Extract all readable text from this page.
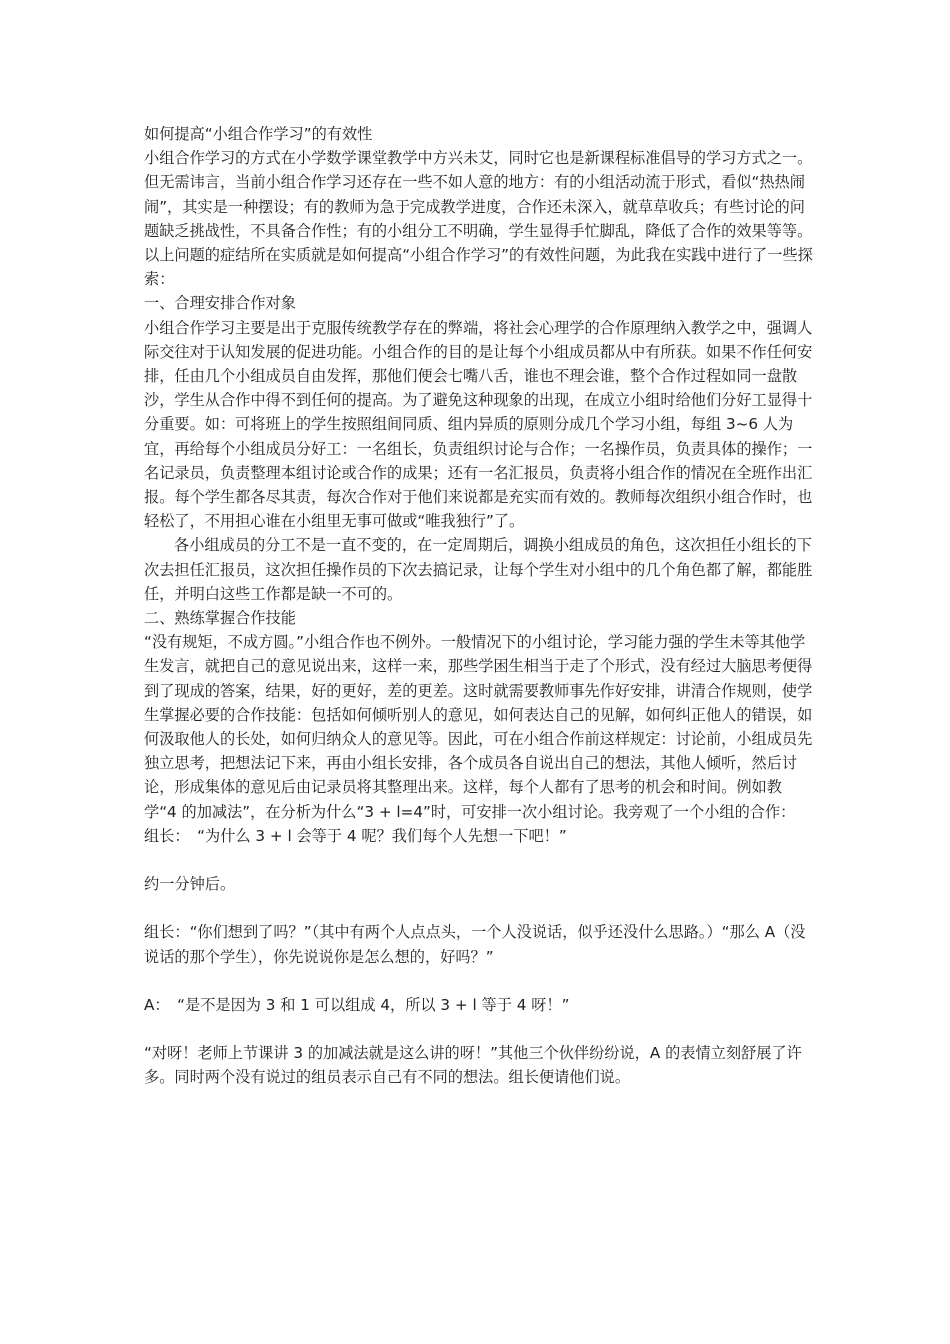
如何提高“小组合作学习”的有效性

小组合作学习的方式在小学数学课堂教学中方兴未艾，同时它也是新课程标准倡导的学习方式之一。但无需讳言，当前小组合作学习还存在一些不如人意的地方：有的小组活动流于形式，看似“热热闹闹”，其实是一种摆设；有的教师为急于完成教学进度，合作还未深入，就草草收兵；有些讨论的问题缺乏挑战性，不具备合作性；有的小组分工不明确，学生显得手忙脚乱，降低了合作的效果等等。

以上问题的症结所在实质就是如何提高“小组合作学习”的有效性问题，为此我在实践中进行了一些探索：

一、合理安排合作对象

小组合作学习主要是出于克服传统教学存在的弊端，将社会心理学的合作原理纳入教学之中，强调人际交往对于认知发展的促进功能。小组合作的目的是让每个小组成员都从中有所获。如果不作任何安排，任由几个小组成员自由发挥，那他们便会七嘴八舌，谁也不理会谁，整个合作过程如同一盘散沙，学生从合作中得不到任何的提高。为了避免这种现象的出现，在成立小组时给他们分好工显得十分重要。如：可将班上的学生按照组间同质、组内异质的原则分成几个学习小组，每组 3~6 人为宜，再给每个小组成员分好工：一名组长，负责组织讨论与合作；一名操作员，负责具体的操作；一名记录员，负责整理本组讨论或合作的成果；还有一名汇报员，负责将小组合作的情况在全班作出汇报。每个学生都各尽其责，每次合作对于他们来说都是充实而有效的。教师每次组织小组合作时，也轻松了，不用担心谁在小组里无事可做或“唯我独行”了。

各小组成员的分工不是一直不变的，在一定周期后，调换小组成员的角色，这次担任小组长的下次去担任汇报员，这次担任操作员的下次去搞记录，让每个学生对小组中的几个角色都了解，都能胜任，并明白这些工作都是缺一不可的。

二、熟练掌握合作技能

“没有规矩，不成方圆。”小组合作也不例外。一般情况下的小组讨论，学习能力强的学生未等其他学生发言，就把自己的意见说出来，这样一来，那些学困生相当于走了个形式，没有经过大脑思考便得到了现成的答案，结果，好的更好，差的更差。这时就需要教师事先作好安排，讲清合作规则，使学生掌握必要的合作技能：包括如何倾听别人的意见，如何表达自己的见解，如何纠正他人的错误，如何汲取他人的长处，如何归纳众人的意见等。因此，可在小组合作前这样规定：讨论前，小组成员先独立思考，把想法记下来，再由小组长安排，各个成员各自说出自己的想法，其他人倾听，然后讨论，形成集体的意见后由记录员将其整理出来。这样，每个人都有了思考的机会和时间。例如教学“4 的加减法”，在分析为什么“3 + l=4”时，可安排一次小组讨论。我旁观了一个小组的合作：

组长：　“为什么 3 + l 会等于 4 呢？我们每个人先想一下吧！”

约一分钟后。

组长：“你们想到了吗？”（其中有两个人点点头，一个人没说话，似乎还没什么思路。）“那么 A（没说话的那个学生），你先说说你是怎么想的，好吗？”

A：　“是不是因为 3 和 1 可以组成 4，所以 3 + l 等于 4 呀！”

“对呀！老师上节课讲 3 的加减法就是这么讲的呀！”其他三个伙伴纷纷说，A 的表情立刻舒展了许多。同时两个没有说过的组员表示自己有不同的想法。组长便请他们说。
